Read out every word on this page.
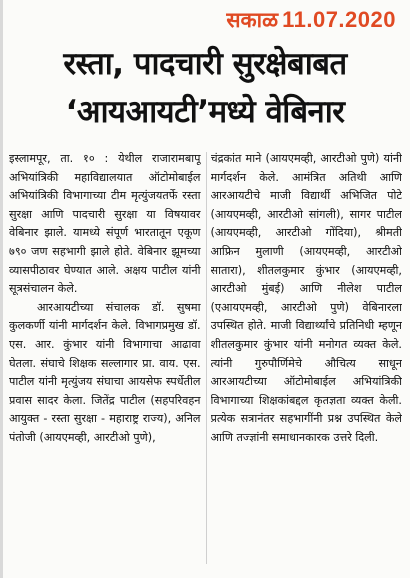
सकाळ 11.07.2020
रस्ता, पादचारी सुरक्षेबाबत
‘आयआयटी’मध्ये वेबिनार

इस्लामपूर, ता. १० : येथील राजारामबापू अभियांत्रिकी महाविद्यालयात ऑटोमोबाईल अभियांत्रिकी विभागाच्या टीम मृत्युंजयतर्फे रस्ता सुरक्षा आणि पादचारी सुरक्षा या विषयावर वेबिनार झाले. यामध्ये संपूर्ण भारतातून एकूण ७९० जण सहभागी झाले होते. वेबिनार झूमच्या व्यासपीठावर घेण्यात आले. अक्षय पाटील यांनी सूत्रसंचालन केले.

आरआयटीच्या संचालक डॉ. सुषमा कुलकर्णी यांनी मार्गदर्शन केले. विभागप्रमुख डॉ. एस. आर. कुंभार यांनी विभागाचा आढावा घेतला. संघाचे शिक्षक सल्लागार प्रा. वाय. एस. पाटील यांनी मृत्युंजय संघाचा आयसेफ स्पर्धेतील प्रवास सादर केला. जितेंद्र पाटील (सहपरिवहन आयुक्त - रस्ता सुरक्षा - महाराष्ट्र राज्य), अनिल पंतोजी (आयएमव्ही, आरटीओ पुणे),

चंद्रकांत माने (आयएमव्ही, आरटीओ पुणे) यांनी मार्गदर्शन केले. आमंत्रित अतिथी आणि आरआयटीचे माजी विद्यार्थी अभिजित पोटे (आयएमव्ही, आरटीओ सांगली), सागर पाटील (आयएमव्ही, आरटीओ गोंदिया), श्रीमती आफ्रिन मुलाणी (आयएमव्ही, आरटीओ सातारा), शीतलकुमार कुंभार (आयएमव्ही, आरटीओ मुंबई) आणि नीलेश पाटील (एआयएमव्ही, आरटीओ पुणे) वेबिनारला उपस्थित होते. माजी विद्यार्थ्यांचे प्रतिनिधी म्हणून शीतलकुमार कुंभार यांनी मनोगत व्यक्त केले. त्यांनी गुरुपौर्णिमेचे औचित्य साधून आरआयटीच्या ऑटोमोबाईल अभियांत्रिकी विभागाच्या शिक्षकांबद्दल कृतज्ञता व्यक्त केली. प्रत्येक सत्रानंतर सहभागींनी प्रश्न उपस्थित केले आणि तज्ज्ञांनी समाधानकारक उत्तरे दिली.
